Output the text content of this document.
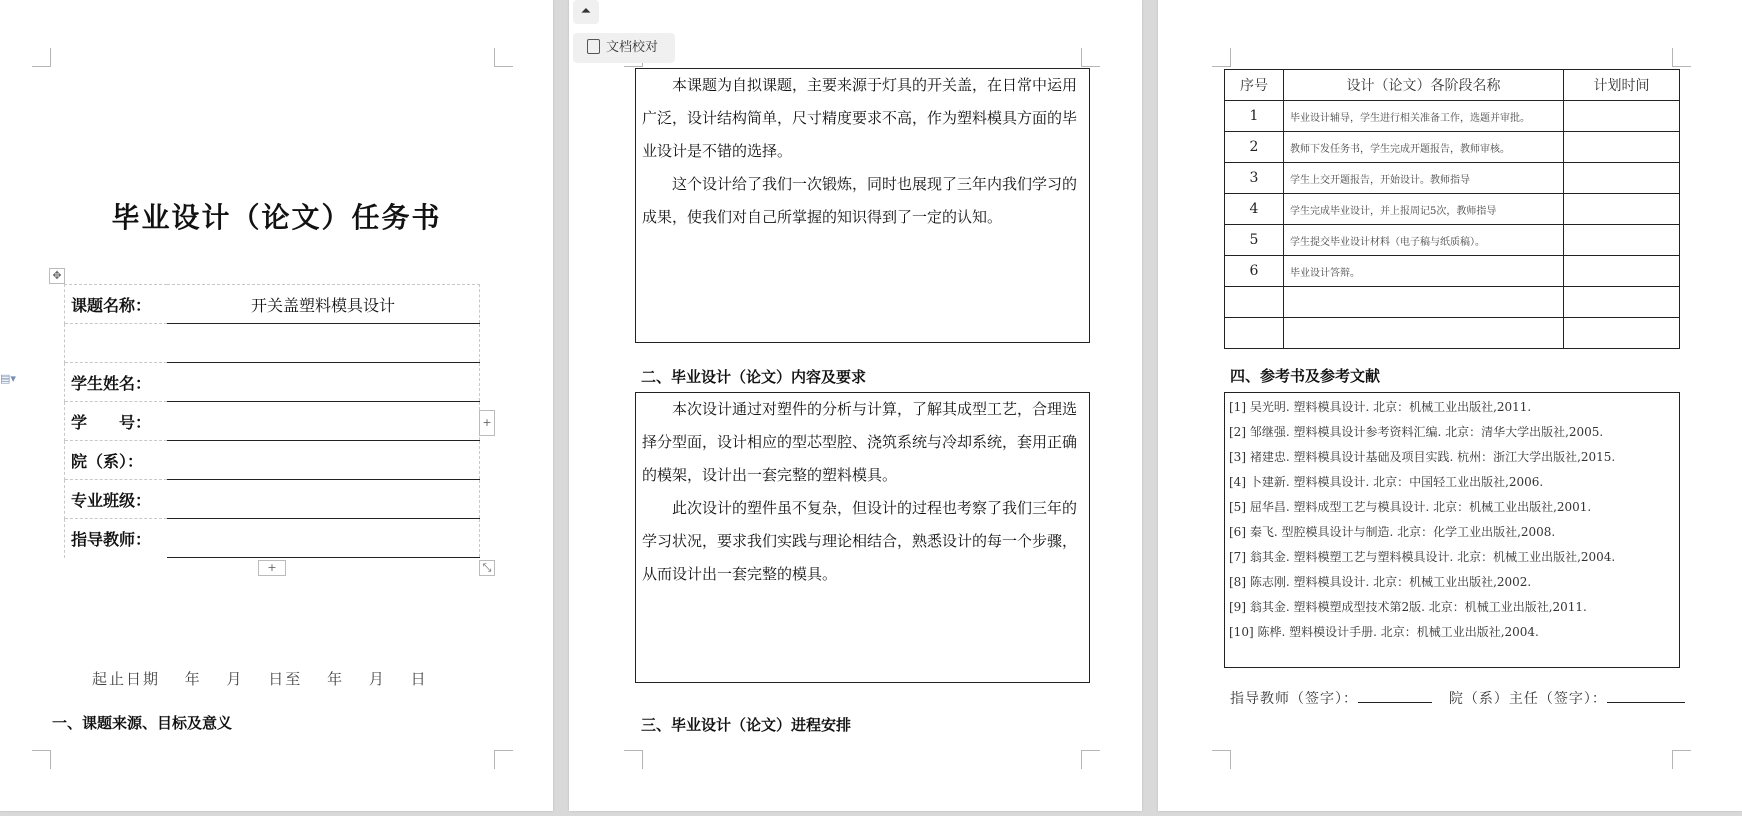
毕业设计（论文）任务书
✥
▤▾
课题名称：	开关盖塑料模具设计

学生姓名：	
学　　号：	
院（系）：	
专业班级：	
指导教师：	
+
+	⤡
起止日期 年 月 日至 年 月 日
一、课题来源、目标及意义

本课题为自拟课题，主要来源于灯具的开关盖，在日常中运用广泛，设计结构简单，尺寸精度要求不高，作为塑料模具方面的毕业设计是不错的选择。

这个设计给了我们一次锻炼，同时也展现了三年内我们学习的成果，使我们对自己所掌握的知识得到了一定的认知。

二、毕业设计（论文）内容及要求

本次设计通过对塑件的分析与计算，了解其成型工艺，合理选择分型面，设计相应的型芯型腔、浇筑系统与冷却系统，套用正确的模架，设计出一套完整的塑料模具。

此次设计的塑件虽不复杂，但设计的过程也考察了我们三年的学习状况，要求我们实践与理论相结合，熟悉设计的每一个步骤，从而设计出一套完整的模具。

三、毕业设计（论文）进程安排
⏶
文档校对
序号	设计（论文）各阶段名称	计划时间
1	毕业设计辅导，学生进行相关准备工作，选题并审批。	
2	教师下发任务书，学生完成开题报告，教师审核。	
3	学生上交开题报告，开始设计。教师指导	
4	学生完成毕业设计，并上报周记5次，教师指导	
5	学生提交毕业设计材料（电子稿与纸质稿）。	
6	毕业设计答辩。	

四、参考书及参考文献
[1] 吴光明. 塑料模具设计. 北京：机械工业出版社,2011.
[2] 邹继强. 塑料模具设计参考资料汇编. 北京：清华大学出版社,2005.
[3] 褚建忠. 塑料模具设计基础及项目实践. 杭州：浙江大学出版社,2015.
[4] 卜建新. 塑料模具设计. 北京：中国轻工业出版社,2006.
[5] 屈华昌. 塑料成型工艺与模具设计. 北京：机械工业出版社,2001.
[6] 秦飞. 型腔模具设计与制造. 北京：化学工业出版社,2008.
[7] 翁其金. 塑料模塑工艺与塑料模具设计. 北京：机械工业出版社,2004.
[8] 陈志刚. 塑料模具设计. 北京：机械工业出版社,2002.
[9] 翁其金. 塑料模塑成型技术第2版. 北京：机械工业出版社,2011.
[10] 陈桦. 塑料模设计手册. 北京：机械工业出版社,2004.
指导教师（签字）：	院（系）主任（签字）：
